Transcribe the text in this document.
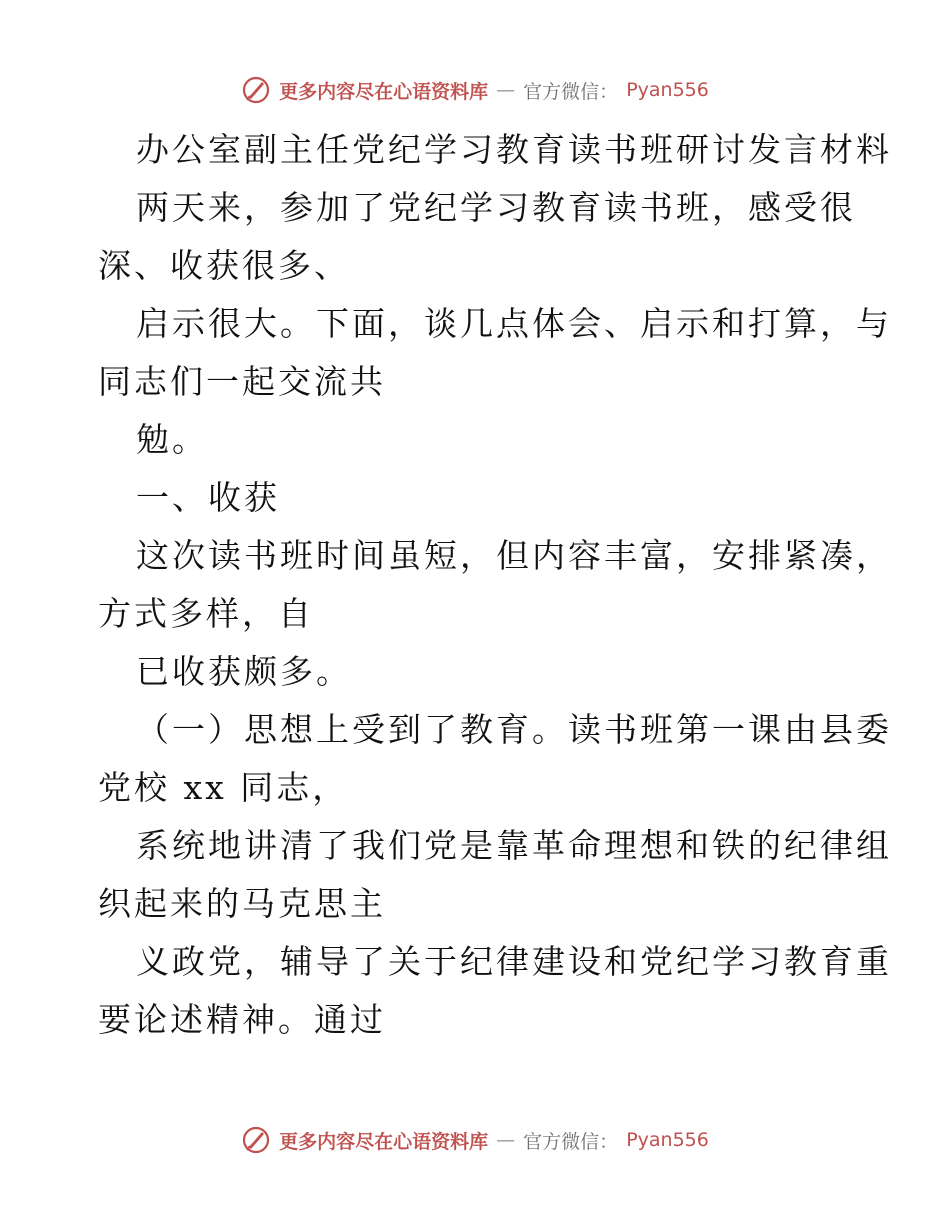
更多内容尽在心语资料库 — 官方微信： Pyan556
办公室副主任党纪学习教育读书班研讨发言材料
两天来，参加了党纪学习教育读书班，感受很
深、收获很多、
启示很大。下面，谈几点体会、启示和打算，与
同志们一起交流共
勉。
一、收获
这次读书班时间虽短，但内容丰富，安排紧凑，
方式多样，自
已收获颇多。
（一）思想上受到了教育。读书班第一课由县委
党校 xx 同志，
系统地讲清了我们党是靠革命理想和铁的纪律组
织起来的马克思主
义政党，辅导了关于纪律建设和党纪学习教育重
要论述精神。通过
更多内容尽在心语资料库 — 官方微信： Pyan556
